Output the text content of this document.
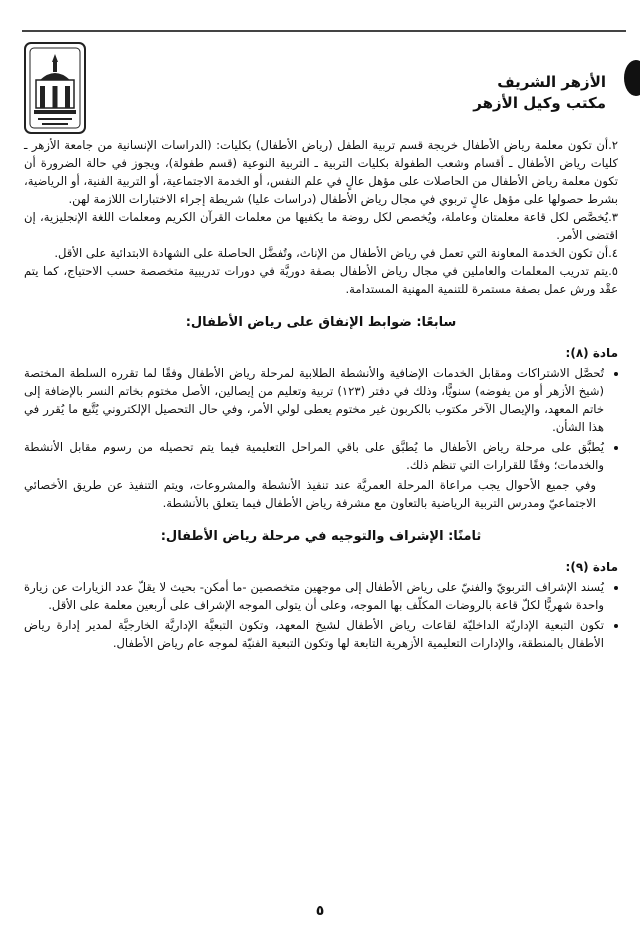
الأزهر الشريف
مكتب وكيل الأزهر

٢.أن تكون معلمة رياض الأطفال خريجة قسم تربية الطفل (رياض الأطفال) بكليات: (الدراسات الإنسانية من جامعة الأزهر ـ كليات رياض الأطفال ـ أقسام وشعب الطفولة بكليات التربية ـ التربية النوعية (قسم طفولة)، ويجوز في حالة الضرورة أن تكون معلمة رياض الأطفال من الحاصلات على مؤهل عالٍ في علم النفس، أو الخدمة الاجتماعية، أو التربية الفنية، أو الرياضية، بشرط حصولها على مؤهل عالٍ تربوي في مجال رياض الأطفال (دراسات عليا) شريطة إجراء الاختبارات اللازمة لهن.

٣.يُخصَّص لكل قاعة معلمتان وعاملة، ويُخصص لكل روضة ما يكفيها من معلمات القرآن الكريم ومعلمات اللغة الإنجليزية، إن اقتضى الأمر.

٤.أن تكون الخدمة المعاونة التي تعمل في رياض الأطفال من الإناث، وتُفضَّل الحاصلة على الشهادة الابتدائية على الأقل.

٥.يتم تدريب المعلمات والعاملين في مجال رياض الأطفال بصفة دوريَّة في دورات تدريبية متخصصة حسب الاحتياج، كما يتم عقْد ورش عمل بصفة مستمرة للتنمية المهنية المستدامة.

سابعًا: ضوابط الإنفاق على رياض الأطفال:
مادة (٨):
• تُحصَّل الاشتراكات ومقابل الخدمات الإضافية والأنشطة الطلابية لمرحلة رياض الأطفال وفقًا لما تقرره السلطة المختصة (شيخ الأزهر أو من يفوضه) سنويًّا، وذلك في دفتر (١٢٣) تربية وتعليم من إيصالين، الأصل مختوم بخاتم النسر بالإضافة إلى خاتم المعهد، والإيصال الآخر مكتوب بالكربون غير مختوم يعطى لولي الأمر، وفي حال التحصيل الإلكتروني يُتَّبع ما يُقرر في هذا الشأن.
• يُطبَّق على مرحلة رياض الأطفال ما يُطبَّق على باقي المراحل التعليمية فيما يتم تحصيله من رسوم مقابل الأنشطة والخدمات؛ وفقًا للقرارات التي تنظم ذلك.

وفي جميع الأحوال يجب مراعاة المرحلة العمريَّة عند تنفيذ الأنشطة والمشروعات، ويتم التنفيذ عن طريق الأخصائي الاجتماعيّ ومدرس التربية الرياضية بالتعاون مع مشرفة رياض الأطفال فيما يتعلق بالأنشطة.

ثامنًا: الإشراف والتوجيه في مرحلة رياض الأطفال:
مادة (٩):
• يُسند الإشراف التربويّ والفنيّ على رياض الأطفال إلى موجهين متخصصين -ما أمكن- بحيث لا يقلّ عدد الزيارات عن زيارة واحدة شهريًّا لكلّ قاعة بالروضات المكلّف بها الموجه، وعلى أن يتولى الموجه الإشراف على أربعين معلمة على الأقل.
• تكون التبعية الإداريّة الداخليّة لقاعات رياض الأطفال لشيخ المعهد، وتكون التبعيَّة الإداريَّة الخارجيَّة لمدير إدارة رياض الأطفال بالمنطقة، والإدارات التعليمية الأزهرية التابعة لها وتكون التبعية الفنيّة لموجه عام رياض الأطفال.
٥
